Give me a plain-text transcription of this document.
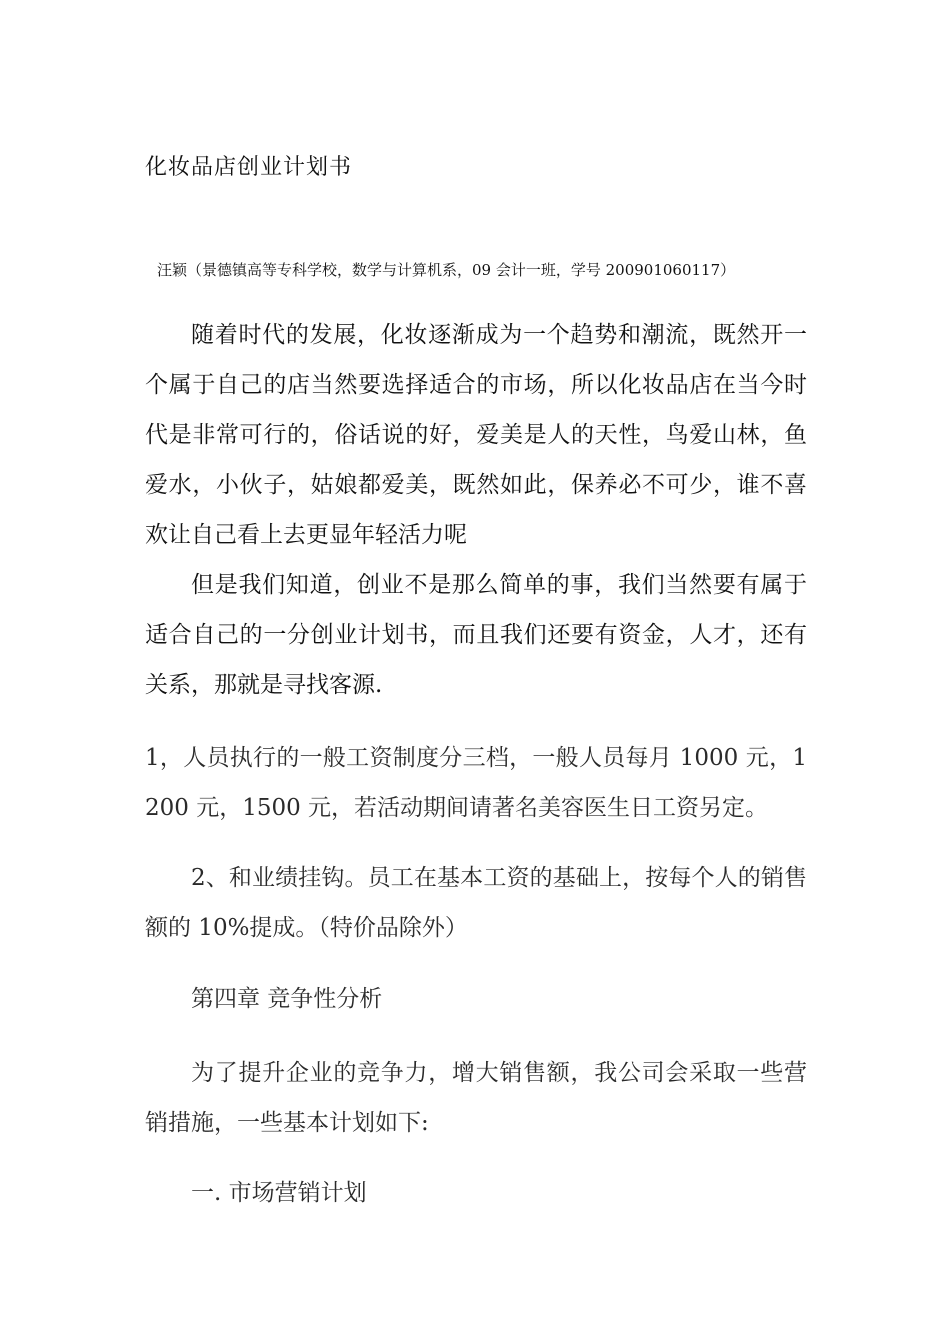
化妆品店创业计划书
汪颖（景德镇高等专科学校，数学与计算机系，09 会计一班，学号 200901060117）

随着时代的发展，化妆逐渐成为一个趋势和潮流，既然开一个属于自己的店当然要选择适合的市场，所以化妆品店在当今时代是非常可行的，俗话说的好，爱美是人的天性，鸟爱山林，鱼爱水，小伙子，姑娘都爱美，既然如此，保养必不可少，谁不喜欢让自己看上去更显年轻活力呢

但是我们知道，创业不是那么简单的事，我们当然要有属于适合自己的一分创业计划书，而且我们还要有资金，人才，还有关系，那就是寻找客源.

1，人员执行的一般工资制度分三档，一般人员每月 1000 元，1200 元，1500 元，若活动期间请著名美容医生日工资另定。

2、和业绩挂钩。员工在基本工资的基础上，按每个人的销售额的 10%提成。（特价品除外）

第四章 竞争性分析

为了提升企业的竞争力，增大销售额，我公司会采取一些营销措施，一些基本计划如下:

一. 市场营销计划
